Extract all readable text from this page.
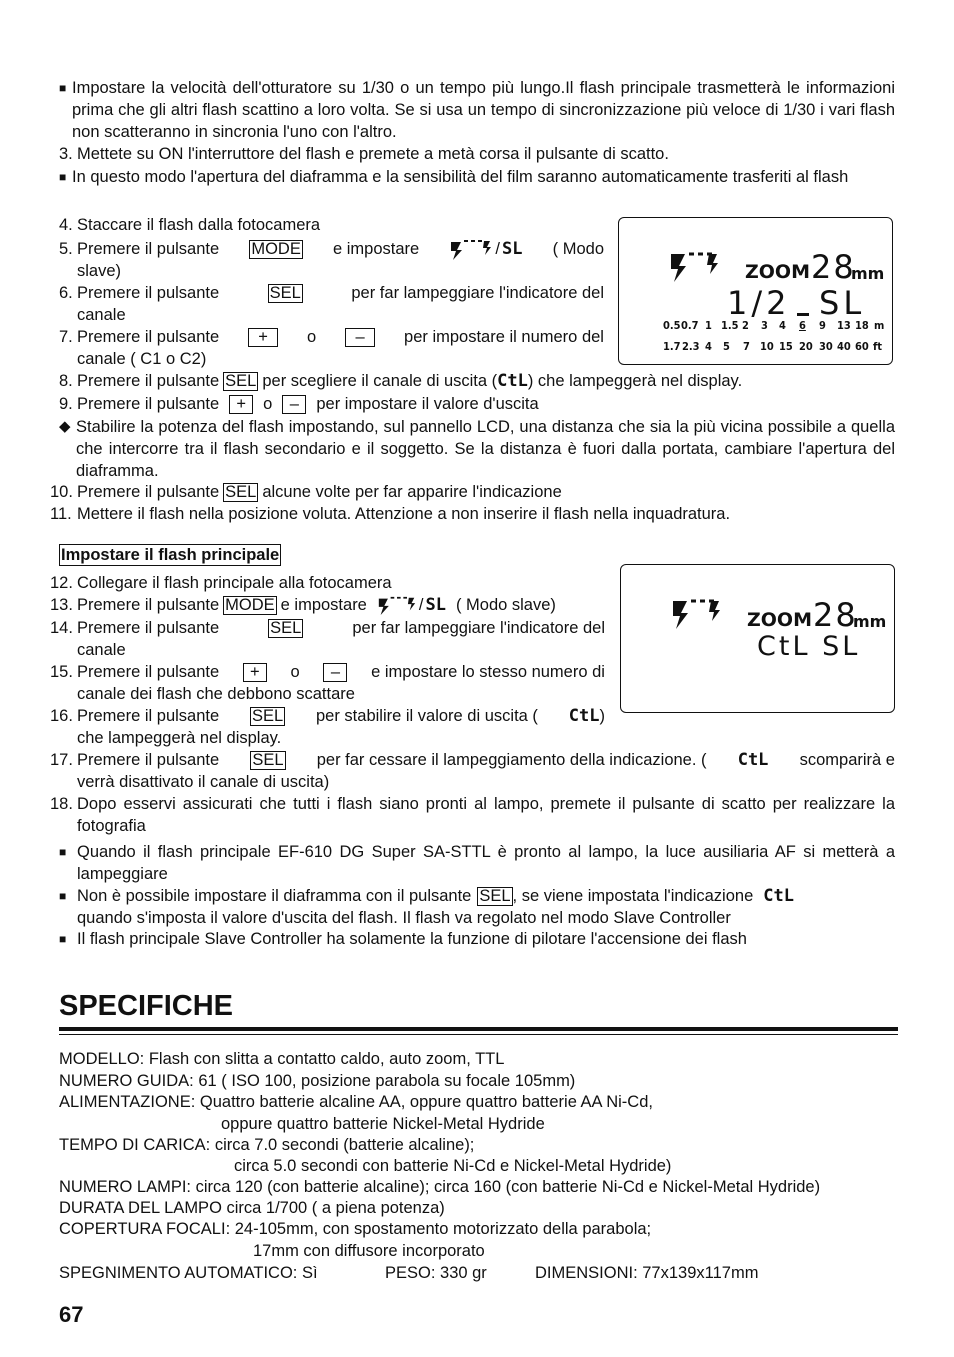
■ Impostare la velocità dell'otturatore su 1/30 o un tempo più lungo.Il flash principale trasmetterà le informazioni prima che gli altri flash scattino a loro volta. Se si usa un tempo di sincronizzazione più veloce di 1/30 i vari flash non scatteranno in sincronia l'uno con l'altro.
3. Mettete su ON l'interruttore del flash e premete a metà corsa il pulsante di scatto.
■ In questo modo l'apertura del diaframma e la sensibilità del film saranno automaticamente trasferiti al flash
4. Staccare il flash dalla fotocamera
5. Premere il pulsante MODE e impostare	/ SL ( Modo
slave)
6. Premere il pulsante	SEL	per far lampeggiare l'indicatore del
canale
7. Premere il pulsante	+	o	–	per impostare il numero del
canale ( C1 o C2)
ZOOM 28
mm
1/2 SL
0.5 0.7 1 1.5 2 3 4 6 9 13 18 m
1.7 2.3 4 5 7 10 15 20 30 40 60 ft
8. Premere il pulsante SEL per scegliere il canale di uscita ( CtL ) che lampeggerà nel display.
9. Premere il pulsante	+	o	–	per impostare il valore d'uscita
◆ Stabilire la potenza del flash impostando, sul pannello LCD, una distanza che sia la più vicina possibile a quella che intercorre tra il flash secondario e il soggetto. Se la distanza è fuori dalla portata, cambiare l'apertura del diaframma.
10. Premere il pulsante SEL alcune volte per far apparire l'indicazione
11. Mettere il flash nella posizione voluta. Attenzione a non inserire il flash nella inquadratura.
Impostare il flash principale
12. Collegare il flash principale alla fotocamera
13. Premere il pulsante MODE e impostare	/ SL ( Modo slave)
14. Premere il pulsante	SEL	per far lampeggiare l'indicatore del
canale
ZOOM 28
mm
CtL SL
15. Premere il pulsante	+	o	–	e impostare lo stesso numero di
canale dei flash che debbono scattare
16. Premere il pulsante SEL per stabilire il valore di uscita ( CtL )
che lampeggerà nel display.
17. Premere il pulsante SEL per far cessare il lampeggiamento della indicazione. ( CtL scomparirà e
verrà disattivato il canale di uscita)
18. Dopo esservi assicurati che tutti i flash siano pronti al lampo, premete il pulsante di scatto per realizzare la fotografia
■ Quando il flash principale EF-610 DG Super SA-STTL è pronto al lampo, la luce ausiliaria AF si metterà a lampeggiare
■ Non è possibile impostare il diaframma con il pulsante SEL , se viene impostata l'indicazione CtL
quando s'imposta il valore d'uscita del flash. Il flash va regolato nel modo Slave Controller
■ Il flash principale Slave Controller ha solamente la funzione di pilotare l'accensione dei flash
SPECIFICHE
MODELLO: Flash con slitta a contatto caldo, auto zoom, TTL
NUMERO GUIDA: 61 ( ISO 100, posizione parabola su focale 105mm)
ALIMENTAZIONE: Quattro batterie alcaline AA, oppure quattro batterie AA Ni-Cd,
oppure quattro batterie Nickel-Metal Hydride
TEMPO DI CARICA: circa 7.0 secondi (batterie alcaline);
circa 5.0 secondi con batterie Ni-Cd e Nickel-Metal Hydride)
NUMERO LAMPI: circa 120 (con batterie alcaline); circa 160 (con batterie Ni-Cd e Nickel-Metal Hydride)
DURATA DEL LAMPO circa 1/700 ( a piena potenza)
COPERTURA FOCALI: 24-105mm, con spostamento motorizzato della parabola;
17mm con diffusore incorporato
SPEGNIMENTO AUTOMATICO: Sì	PESO: 330 gr	DIMENSIONI: 77x139x117mm
67
